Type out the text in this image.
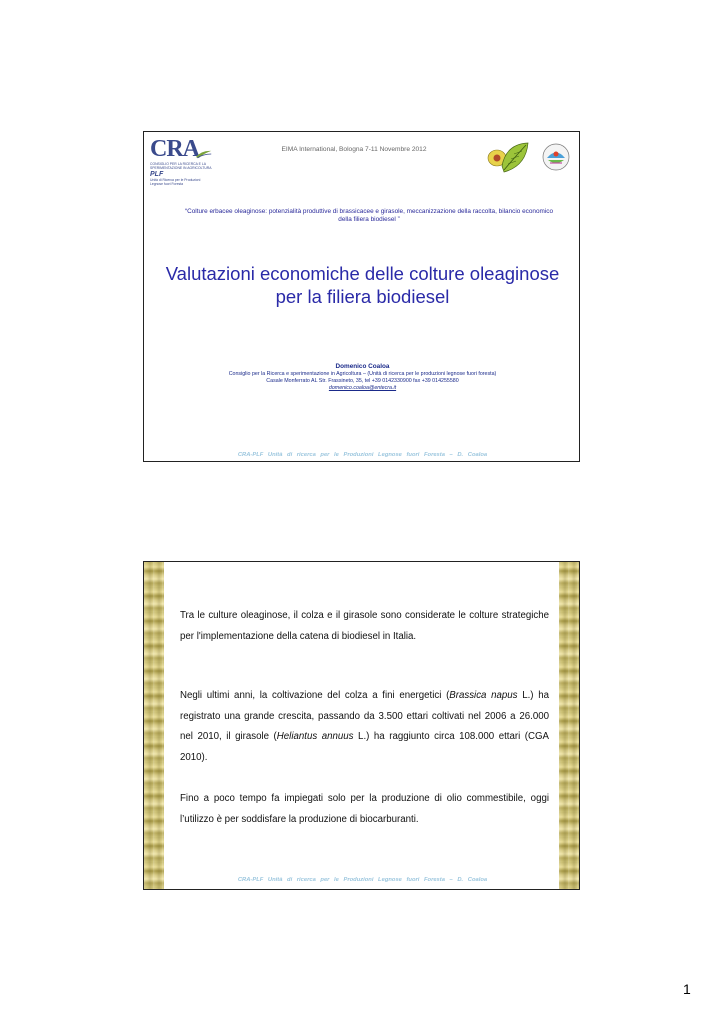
CRA
CONSIGLIO PER LA RICERCA E LA SPERIMENTAZIONE IN AGRICOLTURA
PLF
Unità di Ricerca per le Produzioni Legnose fuori Foresta
EIMA International, Bologna 7-11 Novembre 2012
“Colture erbacee oleaginose: potenzialità produttive di brassicacee e girasole, meccanizzazione della raccolta, bilancio economico della filiera biodiesel ”
Valutazioni economiche delle colture oleaginose
per la filiera biodiesel
Domenico Coaloa
Consiglio per la Ricerca e sperimentazione in Agricoltura – (Unità di ricerca per le produzioni legnose fuori foresta)
Casale Monferrato AL Str. Frassineto, 35, tel +39 0142330900 fax +39 014255580
domenico.coaloa@entecra.it
CRA-PLF Unità di ricerca per le Produzioni Legnose fuori Foresta – D. Coaloa
Tra le culture oleaginose, il colza e il girasole sono considerate le colture strategiche per l'implementazione della catena di biodiesel in Italia.
Negli ultimi anni, la coltivazione del colza a fini energetici (Brassica napus L.) ha registrato una grande crescita, passando da 3.500 ettari coltivati nel 2006 a 26.000 nel 2010, il girasole (Heliantus annuus L.) ha raggiunto circa 108.000 ettari (CGA 2010).
Fino a poco tempo fa impiegati solo per la produzione di olio commestibile, oggi l’utilizzo è per soddisfare la produzione di biocarburanti.
CRA-PLF Unità di ricerca per le Produzioni Legnose fuori Foresta – D. Coaloa
1
